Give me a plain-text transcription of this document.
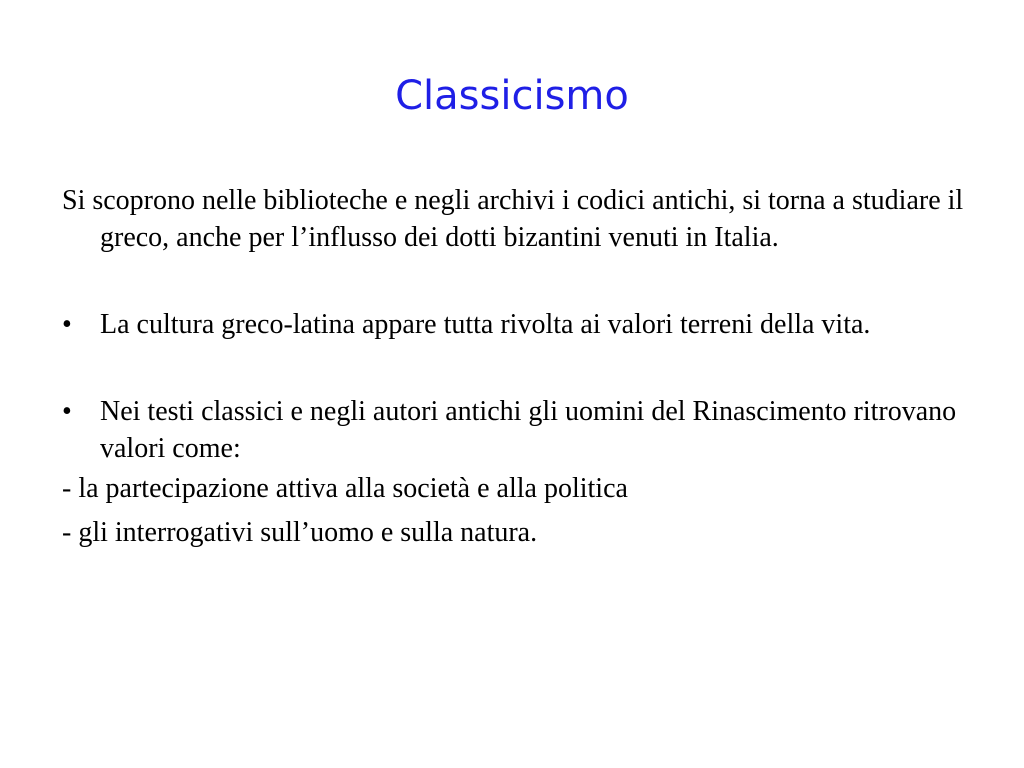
Classicismo

Si scoprono nelle biblioteche e negli archivi i codici antichi, si torna a studiare il greco, anche per l’influsso dei dotti bizantini venuti in Italia.

•	La cultura greco-latina appare tutta rivolta ai valori terreni della vita.
•	Nei testi classici e negli autori antichi gli uomini del Rinascimento ritrovano valori come:

- la partecipazione attiva alla società e alla politica

- gli interrogativi sull’uomo e sulla natura.
